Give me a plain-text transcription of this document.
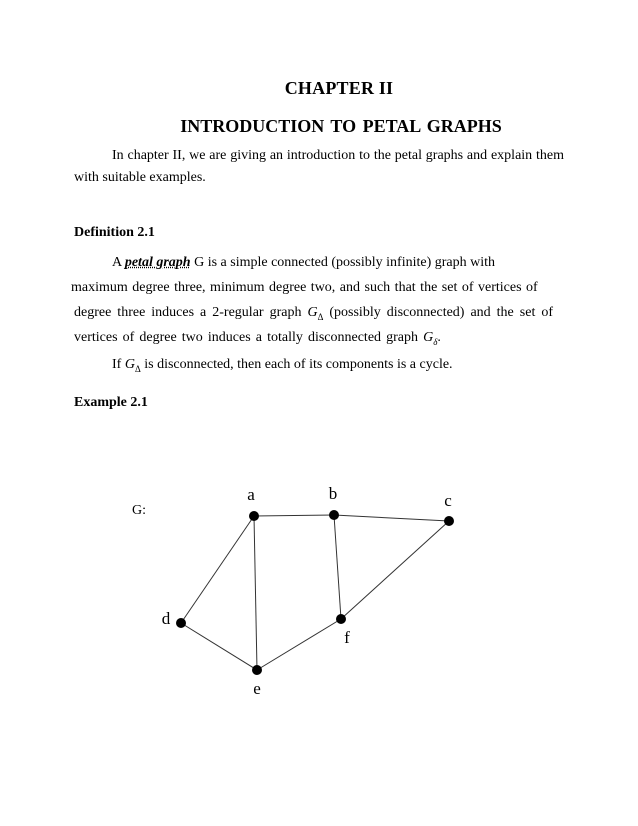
CHAPTER II
INTRODUCTION TO PETAL GRAPHS
In chapter II, we are giving an introduction to the petal graphs and explain them with suitable examples.
Definition 2.1
A petal graph G is a simple connected (possibly infinite) graph with
maximum degree three, minimum degree two, and such that the set of vertices of
degree three induces a 2-regular graph $G_\Delta$ (possibly disconnected) and the set of
vertices of degree two induces a totally disconnected graph $G_\delta$.
If $G_\Delta$ is disconnected, then each of its components is a cycle.
Example 2.1
G:
a	b	c
d
e
f
